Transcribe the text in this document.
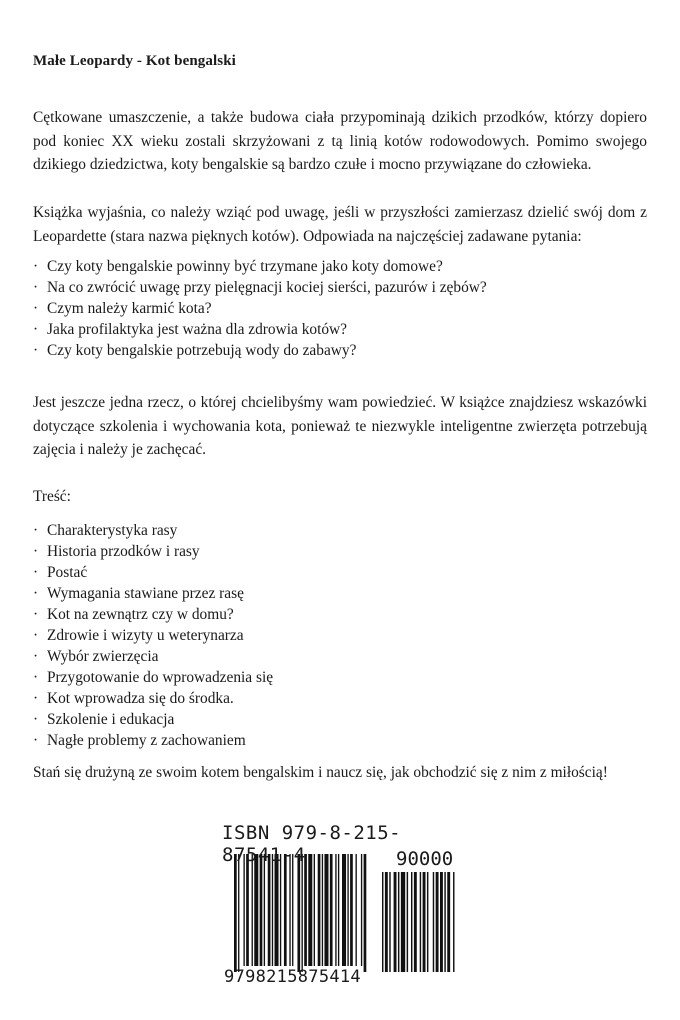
Małe Leopardy - Kot bengalski

Cętkowane umaszczenie, a także budowa ciała przypominają dzikich przodków, którzy dopiero pod koniec XX wieku zostali skrzyżowani z tą linią kotów rodowodowych. Pomimo swojego dzikiego dziedzictwa, koty bengalskie są bardzo czułe i mocno przywiązane do człowieka.

Książka wyjaśnia, co należy wziąć pod uwagę, jeśli w przyszłości zamierzasz dzielić swój dom z Leopardette (stara nazwa pięknych kotów). Odpowiada na najczęściej zadawane pytania:

· Czy koty bengalskie powinny być trzymane jako koty domowe?
· Na co zwrócić uwagę przy pielęgnacji kociej sierści, pazurów i zębów?
· Czym należy karmić kota?
· Jaka profilaktyka jest ważna dla zdrowia kotów?
· Czy koty bengalskie potrzebują wody do zabawy?

Jest jeszcze jedna rzecz, o której chcielibyśmy wam powiedzieć. W książce znajdziesz wskazówki dotyczące szkolenia i wychowania kota, ponieważ te niezwykle inteligentne zwierzęta potrzebują zajęcia i należy je zachęcać.

Treść:
· Charakterystyka rasy
· Historia przodków i rasy
· Postać
· Wymagania stawiane przez rasę
· Kot na zewnątrz czy w domu?
· Zdrowie i wizyty u weterynarza
· Wybór zwierzęcia
· Przygotowanie do wprowadzenia się
· Kot wprowadza się do środka.
· Szkolenie i edukacja
· Nagłe problemy z zachowaniem
Stań się drużyną ze swoim kotem bengalskim i naucz się, jak obchodzić się z nim z miłością!
ISBN 979-8-215-87541-4	90000
9798215875414
